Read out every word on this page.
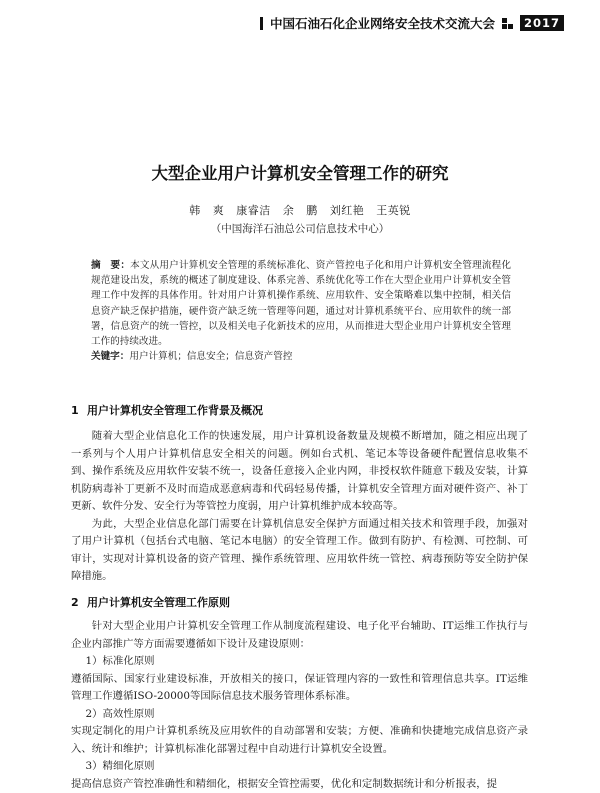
中国石油石化企业网络安全技术交流大会	2017
大型企业用户计算机安全管理工作的研究
韩 爽 康睿洁 余 鹏 刘红艳 王英锐
（中国海洋石油总公司信息技术中心）
摘　要：本文从用户计算机安全管理的系统标准化、资产管控电子化和用户计算机安全管理流程化规范建设出发，系统的概述了制度建设、体系完善、系统优化等工作在大型企业用户计算机安全管理工作中发挥的具体作用。针对用户计算机操作系统、应用软件、安全策略难以集中控制，相关信息资产缺乏保护措施，硬件资产缺乏统一管理等问题，通过对计算机系统平台、应用软件的统一部署，信息资产的统一管控，以及相关电子化新技术的应用，从而推进大型企业用户计算机安全管理工作的持续改进。
关键字：用户计算机；信息安全；信息资产管控
1 用户计算机安全管理工作背景及概况

随着大型企业信息化工作的快速发展，用户计算机设备数量及规模不断增加，随之相应出现了一系列与个人用户计算机信息安全相关的问题。例如台式机、笔记本等设备硬件配置信息收集不到、操作系统及应用软件安装不统一，设备任意接入企业内网，非授权软件随意下载及安装，计算机防病毒补丁更新不及时而造成恶意病毒和代码轻易传播，计算机安全管理方面对硬件资产、补丁更新、软件分发、安全行为等管控力度弱，用户计算机维护成本较高等。

为此，大型企业信息化部门需要在计算机信息安全保护方面通过相关技术和管理手段，加强对了用户计算机（包括台式电脑、笔记本电脑）的安全管理工作。做到有防护、有检测、可控制、可审计，实现对计算机设备的资产管理、操作系统管理、应用软件统一管控、病毒预防等安全防护保障措施。

2 用户计算机安全管理工作原则

针对大型企业用户计算机安全管理工作从制度流程建设、电子化平台辅助、IT运维工作执行与企业内部推广等方面需要遵循如下设计及建设原则：

1）标准化原则

遵循国际、国家行业建设标准，开放相关的接口，保证管理内容的一致性和管理信息共享。IT运维管理工作遵循ISO-20000等国际信息技术服务管理体系标准。

2）高效性原则

实现定制化的用户计算机系统及应用软件的自动部署和安装；方便、准确和快捷地完成信息资产录入、统计和维护；计算机标准化部署过程中自动进行计算机安全设置。

3）精细化原则

提高信息资产管控准确性和精细化，根据安全管控需要，优化和定制数据统计和分析报表，提
